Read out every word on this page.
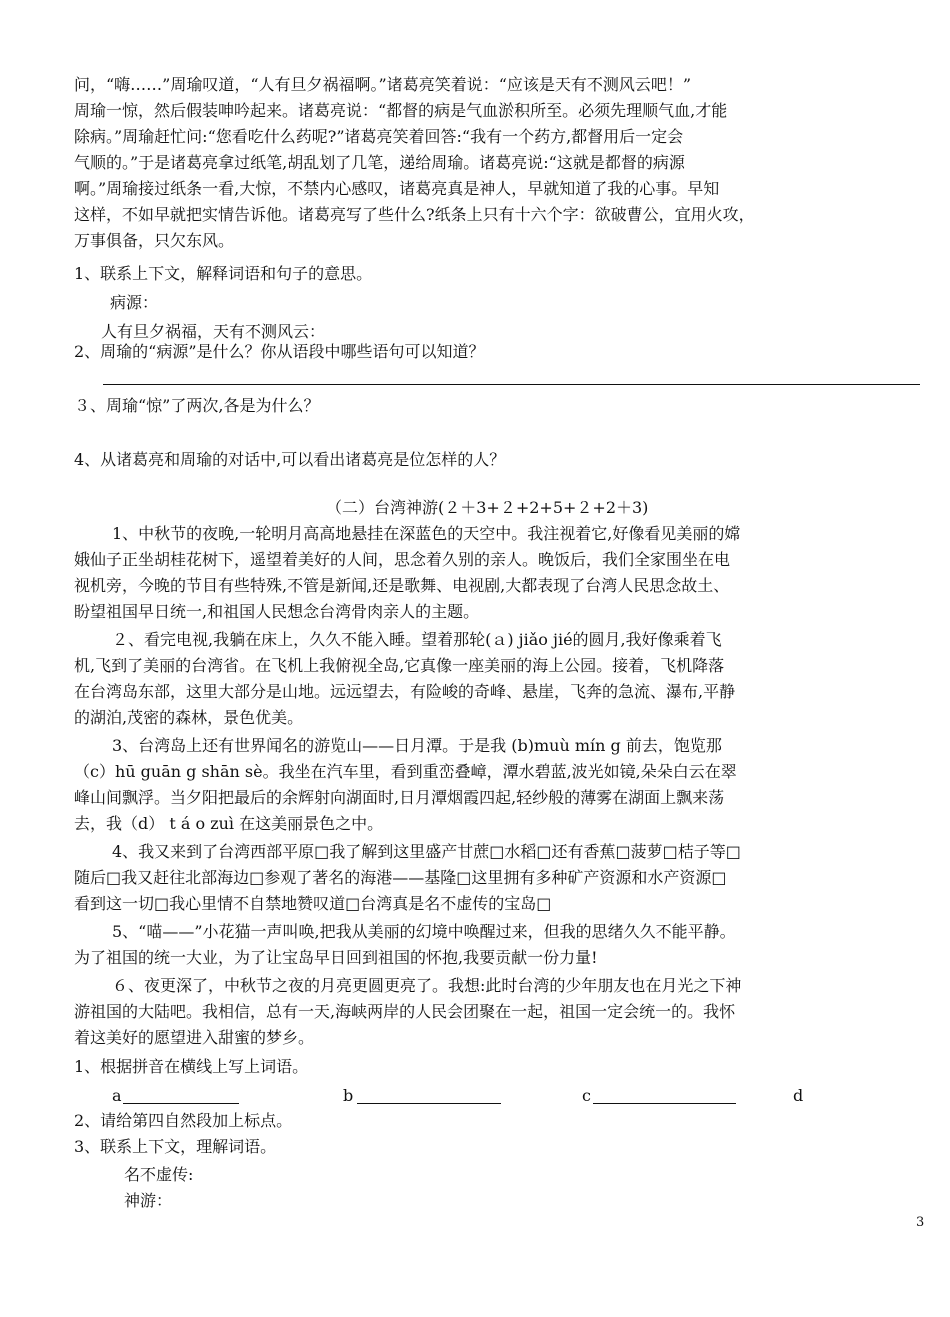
问，“嗨……”周瑜叹道，“人有旦夕祸福啊。”诸葛亮笑着说：“应该是天有不测风云吧！”

周瑜一惊，然后假装呻吟起来。诸葛亮说：“都督的病是气血淤积所至。必须先理顺气血,才能

除病。”周瑜赶忙问:“您看吃什么药呢?”诸葛亮笑着回答:“我有一个药方,都督用后一定会

气顺的。”于是诸葛亮拿过纸笔,胡乱划了几笔，递给周瑜。诸葛亮说:“这就是都督的病源

啊。”周瑜接过纸条一看,大惊，不禁内心感叹，诸葛亮真是神人，早就知道了我的心事。早知

这样，不如早就把实情告诉他。诸葛亮写了些什么?纸条上只有十六个字：欲破曹公，宜用火攻，

万事俱备，只欠东风。

1、联系上下文，解释词语和句子的意思。

病源：

人有旦夕祸福，天有不测风云：

2、周瑜的“病源”是什么？你从语段中哪些语句可以知道？

３、周瑜“惊”了两次,各是为什么？

4、从诸葛亮和周瑜的对话中,可以看出诸葛亮是位怎样的人？

（二）台湾神游(２＋3+２+2+5+２+2＋3)

1、中秋节的夜晚,一轮明月高高地悬挂在深蓝色的天空中。我注视着它,好像看见美丽的嫦

娥仙子正坐胡桂花树下，遥望着美好的人间，思念着久别的亲人。晚饭后，我们全家围坐在电

视机旁，今晚的节目有些特殊,不管是新闻,还是歌舞、电视剧,大都表现了台湾人民思念故土、

盼望祖国早日统一,和祖国人民想念台湾骨肉亲人的主题。

２、看完电视,我躺在床上，久久不能入睡。望着那轮(ａ) jiǎo jié的圆月,我好像乘着飞

机,飞到了美丽的台湾省。在飞机上我俯视全岛,它真像一座美丽的海上公园。接着，飞机降落

在台湾岛东部，这里大部分是山地。远远望去，有险峻的奇峰、悬崖，飞奔的急流、瀑布,平静

的湖泊,茂密的森林，景色优美。

3、台湾岛上还有世界闻名的游览山——日月潭。于是我 (b)muù mín g 前去，饱览那

（c）hū guān g shān sè。我坐在汽车里，看到重峦叠嶂，潭水碧蓝,波光如镜,朵朵白云在翠

峰山间飘浮。当夕阳把最后的余辉射向湖面时,日月潭烟霞四起,轻纱般的薄雾在湖面上飘来荡

去，我（d） t á o zuì 在这美丽景色之中。

4、我又来到了台湾西部平原□我了解到这里盛产甘蔗□水稻□还有香蕉□菠萝□桔子等□

随后□我又赶往北部海边□参观了著名的海港——基隆□这里拥有多种矿产资源和水产资源□

看到这一切□我心里情不自禁地赞叹道□台湾真是名不虚传的宝岛□

5、“喵——”小花猫一声叫唤,把我从美丽的幻境中唤醒过来，但我的思绪久久不能平静。

为了祖国的统一大业，为了让宝岛早日回到祖国的怀抱,我要贡献一份力量!

６、夜更深了，中秋节之夜的月亮更圆更亮了。我想:此时台湾的少年朋友也在月光之下神

游祖国的大陆吧。我相信，总有一天,海峡两岸的人民会团聚在一起，祖国一定会统一的。我怀

着这美好的愿望进入甜蜜的梦乡。

1、根据拼音在横线上写上词语。

a	b	c	d

2、请给第四自然段加上标点。

3、联系上下文，理解词语。

名不虚传:

神游：

3
